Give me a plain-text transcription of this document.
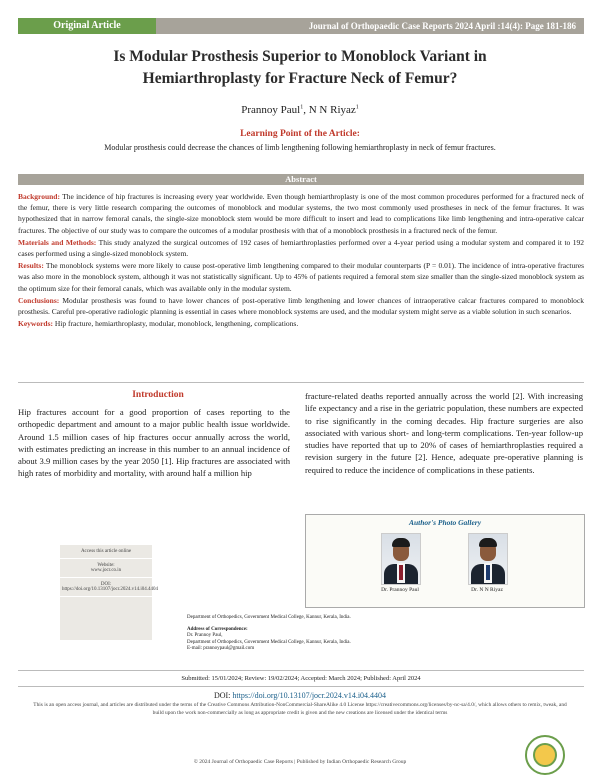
Original Article	Journal of Orthopaedic Case Reports 2024 April :14(4): Page 181-186
Is Modular Prosthesis Superior to Monoblock Variant in
Hemiarthroplasty for Fracture Neck of Femur?
Prannoy Paul$^1$, N N Riyaz$^1$
Learning Point of the Article:
Modular prosthesis could decrease the chances of limb lengthening following hemiarthroplasty in neck of femur fractures.
Abstract

Background: The incidence of hip fractures is increasing every year worldwide. Even though hemiarthroplasty is one of the most common procedures performed for a fractured neck of the femur, there is very little research comparing the outcomes of monoblock and modular systems, the two most commonly used prostheses in neck of the femur fractures. It was hypothesized that in narrow femoral canals, the single-size monoblock stem would be more difficult to insert and lead to complications like limb lengthening and intra-operative calcar fractures. The objective of our study was to compare the outcomes of a modular prosthesis with that of a monoblock prosthesis in a fractured neck of the femur.

Materials and Methods: This study analyzed the surgical outcomes of 192 cases of hemiarthroplasties performed over a 4-year period using a modular system and compared it to 192 cases performed using a single-sized monoblock system.

Results: The monoblock systems were more likely to cause post-operative limb lengthening compared to their modular counterparts (P = 0.01). The incidence of intra-operative fractures was also more in the monoblock system, although it was not statistically significant. Up to 45% of patients required a femoral stem size smaller than the single-sized monoblock system as the optimum size for their femoral canals, which was available only in the modular system.

Conclusions: Modular prosthesis was found to have lower chances of post-operative limb lengthening and lower chances of intraoperative calcar fractures compared to monoblock prosthesis. Careful pre-operative radiologic planning is essential in cases where monoblock systems are used, and the modular system might serve as a viable solution in such scenarios.

Keywords: Hip fracture, hemiarthroplasty, modular, monoblock, lengthening, complications.

Introduction
Hip fractures account for a good proportion of cases reporting to the orthopedic department and amount to a major public health issue worldwide. Around 1.5 million cases of hip fractures occur annually across the world, with estimates predicting an increase in this number to an annual incidence of about 3.9 million cases by the year 2050 [1]. Hip fractures are associated with high rates of morbidity and mortality, with around half a million hip
fracture-related deaths reported annually across the world [2]. With increasing life expectancy and a rise in the geriatric population, these numbers are expected to rise significantly in the coming decades. Hip fracture surgeries are also associated with various short- and long-term complications. Ten-year follow-up studies have reported that up to 20% of cases of hemiarthroplasties required a revision surgery in the future [2]. Hence, adequate pre-operative planning is required to reduce the incidence of complications in these patients.
Author's Photo Gallery
Dr. Prannoy Paul	Dr. N N Riyaz
Access this article online
Website:
www.jocr.co.in
DOI:
https://doi.org/10.13107/jocr.2024.v14.i04.4404
Department of Orthopedics, Government Medical College, Kannur, Kerala, India.
Address of Correspondence:
Dr. Prannoy Paul,
Department of Orthopedics, Government Medical College, Kannur, Kerala, India.
E-mail: prannoypaul@gmail.com
Submitted: 15/01/2024; Review: 19/02/2024; Accepted: March 2024; Published: April 2024
DOI: https://doi.org/10.13107/jocr.2024.v14.i04.4404
This is an open access journal, and articles are distributed under the terms of the Creative Commons Attribution-NonCommercial-ShareAlike 4.0 License https://creativecommons.org/licenses/by-nc-sa/4.0/, which allows others to remix, tweak, and build upon the work non-commercially as long as appropriate credit is given and the new creations are licensed under the identical terms
© 2024 Journal of Orthopaedic Case Reports | Published by Indian Orthopaedic Research Group
